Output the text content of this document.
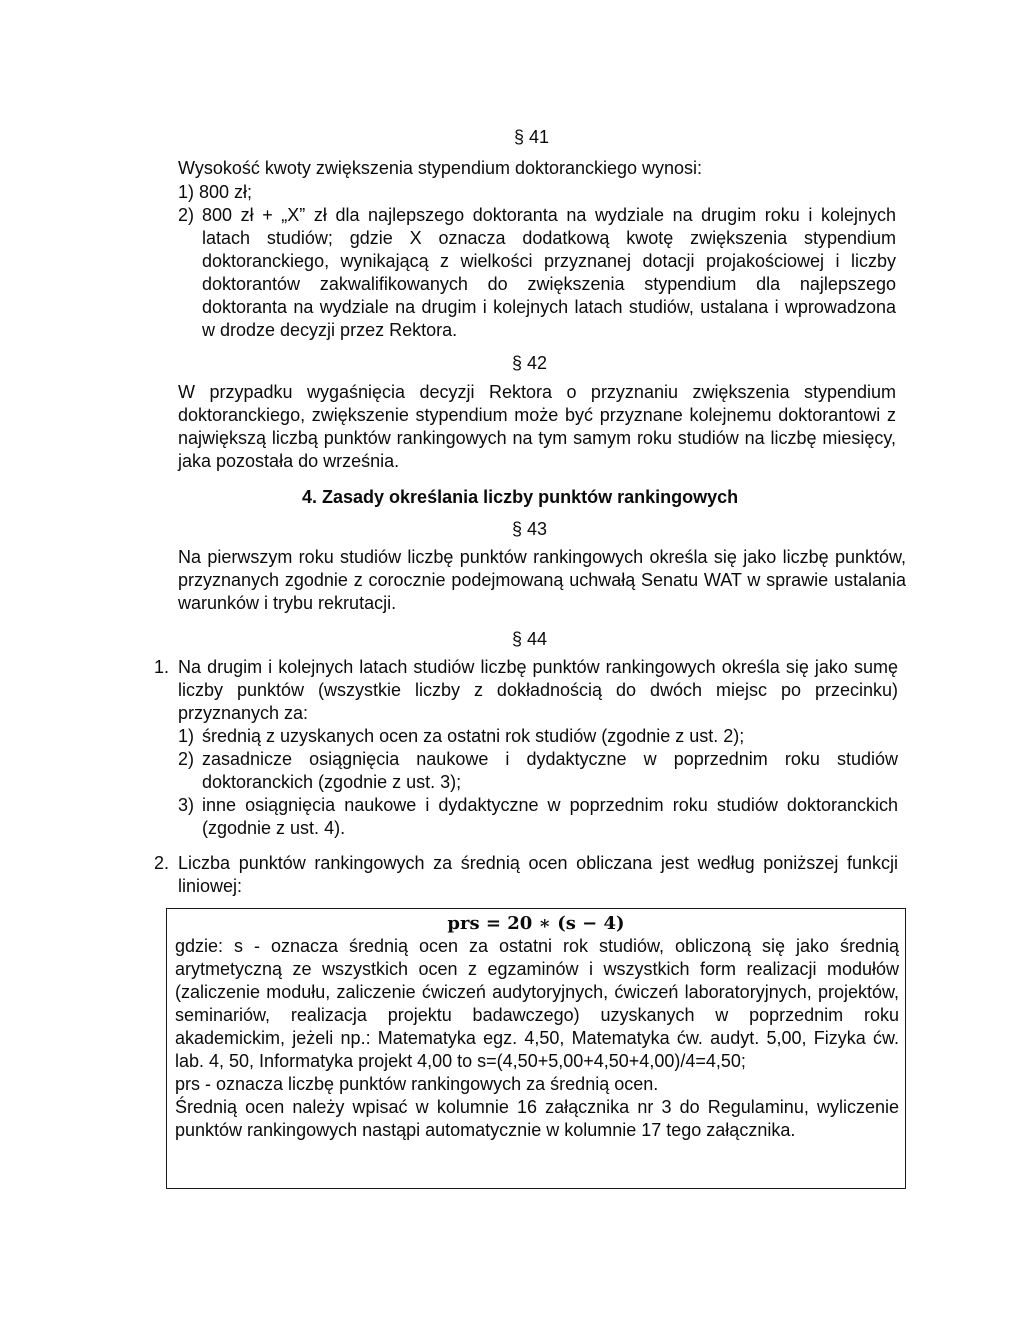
§ 41
Wysokość kwoty zwiększenia stypendium doktoranckiego wynosi:
1) 800 zł;
2) 800 zł + „X” zł dla najlepszego doktoranta na wydziale na drugim roku i kolejnych latach studiów; gdzie X oznacza dodatkową kwotę zwiększenia stypendium doktoranckiego, wynikającą z wielkości przyznanej dotacji projakościowej i liczby doktorantów zakwalifikowanych do zwiększenia stypendium dla najlepszego doktoranta na wydziale na drugim i kolejnych latach studiów, ustalana i wprowadzona w drodze decyzji przez Rektora.
§ 42
W przypadku wygaśnięcia decyzji Rektora o przyznaniu zwiększenia stypendium doktoranckiego, zwiększenie stypendium może być przyznane kolejnemu doktorantowi z największą liczbą punktów rankingowych na tym samym roku studiów na liczbę miesięcy, jaka pozostała do września.
4. Zasady określania liczby punktów rankingowych
§ 43
Na pierwszym roku studiów liczbę punktów rankingowych określa się jako liczbę punktów, przyznanych zgodnie z corocznie podejmowaną uchwałą Senatu WAT w sprawie ustalania warunków i trybu rekrutacji.
§ 44
1. Na drugim i kolejnych latach studiów liczbę punktów rankingowych określa się jako sumę liczby punktów (wszystkie liczby z dokładnością do dwóch miejsc po przecinku) przyznanych za:
1) średnią z uzyskanych ocen za ostatni rok studiów (zgodnie z ust. 2);
2) zasadnicze osiągnięcia naukowe i dydaktyczne w poprzednim roku studiów doktoranckich (zgodnie z ust. 3);
3) inne osiągnięcia naukowe i dydaktyczne w poprzednim roku studiów doktoranckich (zgodnie z ust. 4).
2. Liczba punktów rankingowych za średnią ocen obliczana jest według poniższej funkcji liniowej:
prs = 20 ∗ (s − 4)

gdzie: s - oznacza średnią ocen za ostatni rok studiów, obliczoną się jako średnią arytmetyczną ze wszystkich ocen z egzaminów i wszystkich form realizacji modułów (zaliczenie modułu, zaliczenie ćwiczeń audytoryjnych, ćwiczeń laboratoryjnych, projektów, seminariów, realizacja projektu badawczego) uzyskanych w poprzednim roku akademickim, jeżeli np.: Matematyka egz. 4,50, Matematyka ćw. audyt. 5,00, Fizyka ćw. lab. 4, 50, Informatyka projekt 4,00 to s=(4,50+5,00+4,50+4,00)/4=4,50;

prs - oznacza liczbę punktów rankingowych za średnią ocen.

Średnią ocen należy wpisać w kolumnie 16 załącznika nr 3 do Regulaminu, wyliczenie punktów rankingowych nastąpi automatycznie w kolumnie 17 tego załącznika.
